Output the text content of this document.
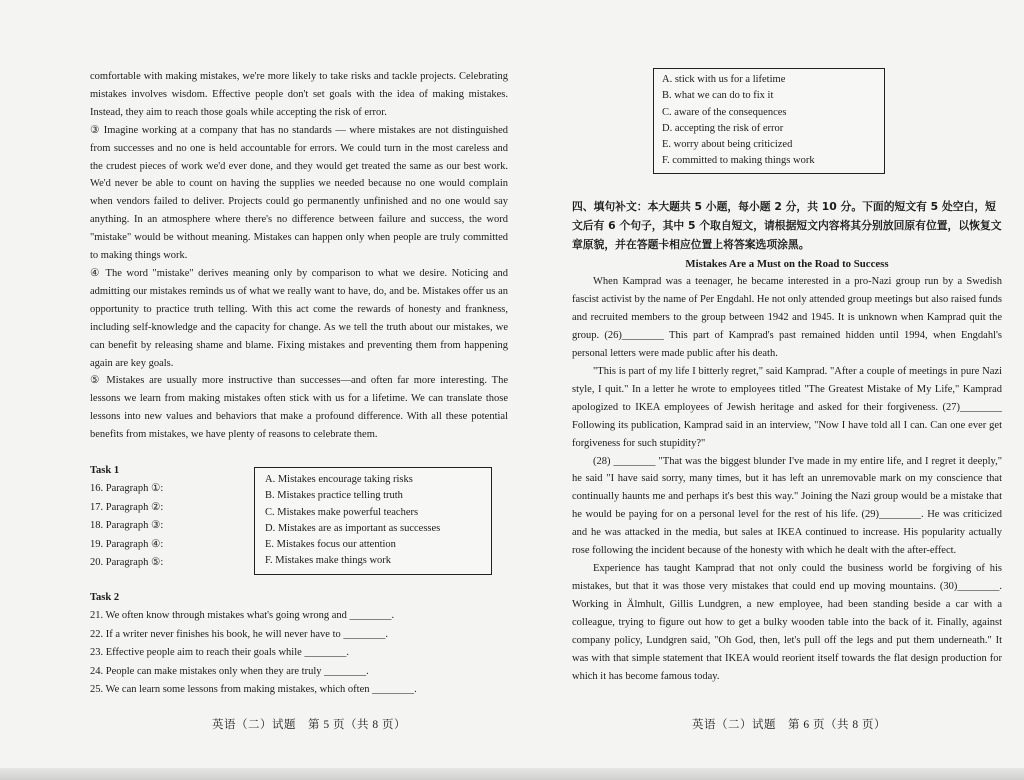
comfortable with making mistakes, we're more likely to take risks and tackle projects. Celebrating mistakes involves wisdom. Effective people don't set goals with the idea of making mistakes. Instead, they aim to reach those goals while accepting the risk of error.

③ Imagine working at a company that has no standards — where mistakes are not distinguished from successes and no one is held accountable for errors. We could turn in the most careless and the crudest pieces of work we'd ever done, and they would get treated the same as our best work. We'd never be able to count on having the supplies we needed because no one would complain when vendors failed to deliver. Projects could go permanently unfinished and no one would say anything. In an atmosphere where there's no difference between failure and success, the word "mistake" would be without meaning. Mistakes can happen only when people are truly committed to making things work.

④ The word "mistake" derives meaning only by comparison to what we desire. Noticing and admitting our mistakes reminds us of what we really want to have, do, and be. Mistakes offer us an opportunity to practice truth telling. With this act come the rewards of honesty and frankness, including self-knowledge and the capacity for change. As we tell the truth about our mistakes, we can benefit by releasing shame and blame. Fixing mistakes and preventing them from happening again are key goals.

⑤ Mistakes are usually more instructive than successes—and often far more interesting. The lessons we learn from making mistakes often stick with us for a lifetime. We can translate those lessons into new values and behaviors that make a profound difference. With all these potential benefits from mistakes, we have plenty of reasons to celebrate them.

Task 1
16. Paragraph ①:
17. Paragraph ②:
18. Paragraph ③:
19. Paragraph ④:
20. Paragraph ⑤:
A. Mistakes encourage taking risks
B. Mistakes practice telling truth
C. Mistakes make powerful teachers
D. Mistakes are as important as successes
E. Mistakes focus our attention
F. Mistakes make things work
Task 2
21. We often know through mistakes what's going wrong and ________.
22. If a writer never finishes his book, he will never have to ________.
23. Effective people aim to reach their goals while ________.
24. People can make mistakes only when they are truly ________.
25. We can learn some lessons from making mistakes, which often ________.
英语（二）试题　第 5 页（共 8 页）
A. stick with us for a lifetime
B. what we can do to fix it
C. aware of the consequences
D. accepting the risk of error
E. worry about being criticized
F. committed to making things work
四、填句补文：本大题共 5 小题，每小题 2 分，共 10 分。下面的短文有 5 处空白，短文后有 6 个句子，其中 5 个取自短文，请根据短文内容将其分别放回原有位置，以恢复文章原貌，并在答题卡相应位置上将答案选项涂黑。
Mistakes Are a Must on the Road to Success

When Kamprad was a teenager, he became interested in a pro-Nazi group run by a Swedish fascist activist by the name of Per Engdahl. He not only attended group meetings but also raised funds and recruited members to the group between 1942 and 1945. It is unknown when Kamprad quit the group. (26)________ This part of Kamprad's past remained hidden until 1994, when Engdahl's personal letters were made public after his death.

"This is part of my life I bitterly regret," said Kamprad. "After a couple of meetings in pure Nazi style, I quit." In a letter he wrote to employees titled "The Greatest Mistake of My Life," Kamprad apologized to IKEA employees of Jewish heritage and asked for their forgiveness. (27)________ Following its publication, Kamprad said in an interview, "Now I have told all I can. Can one ever get forgiveness for such stupidity?"

(28) ________ "That was the biggest blunder I've made in my entire life, and I regret it deeply," he said "I have said sorry, many times, but it has left an unremovable mark on my conscience that continually haunts me and perhaps it's best this way." Joining the Nazi group would be a mistake that he would be paying for on a personal level for the rest of his life. (29)________. He was criticized and he was attacked in the media, but sales at IKEA continued to increase. His popularity actually rose following the incident because of the honesty with which he dealt with the after-effect.

Experience has taught Kamprad that not only could the business world be forgiving of his mistakes, but that it was those very mistakes that could end up moving mountains. (30)________. Working in Älmhult, Gillis Lundgren, a new employee, had been standing beside a car with a colleague, trying to figure out how to get a bulky wooden table into the back of it. Finally, against company policy, Lundgren said, "Oh God, then, let's pull off the legs and put them underneath." It was with that simple statement that IKEA would reorient itself towards the flat design production for which it has become famous today.

英语（二）试题　第 6 页（共 8 页）
